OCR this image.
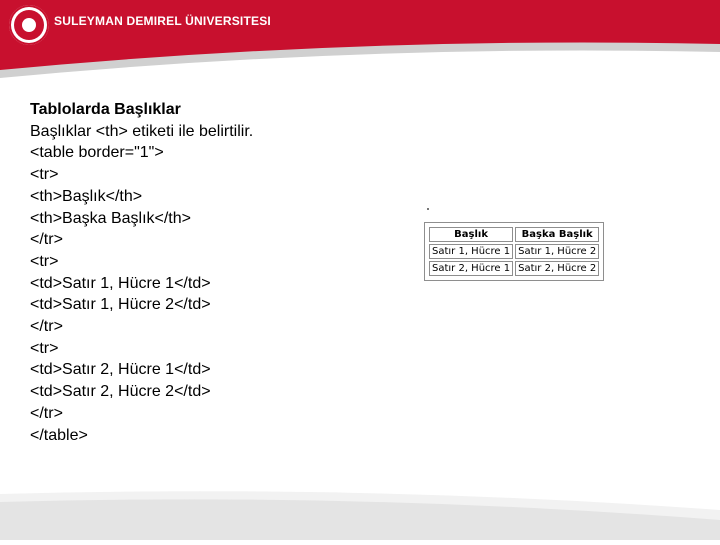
SULEYMAN DEMIREL ÜNIVERSITESI
Tablolarda Başlıklar
Başlıklar <th> etiketi ile belirtilir.
<table border="1">
<tr>
<th>Başlık</th>
<th>Başka Başlık</th>
</tr>
<tr>
<td>Satır 1, Hücre 1</td>
<td>Satır 1, Hücre 2</td>
</tr>
<tr>
<td>Satır 2, Hücre 1</td>
<td>Satır 2, Hücre 2</td>
</tr>
</table>
Başlık	Başka Başlık
Satır 1, Hücre 1	Satır 1, Hücre 2
Satır 2, Hücre 1	Satır 2, Hücre 2
